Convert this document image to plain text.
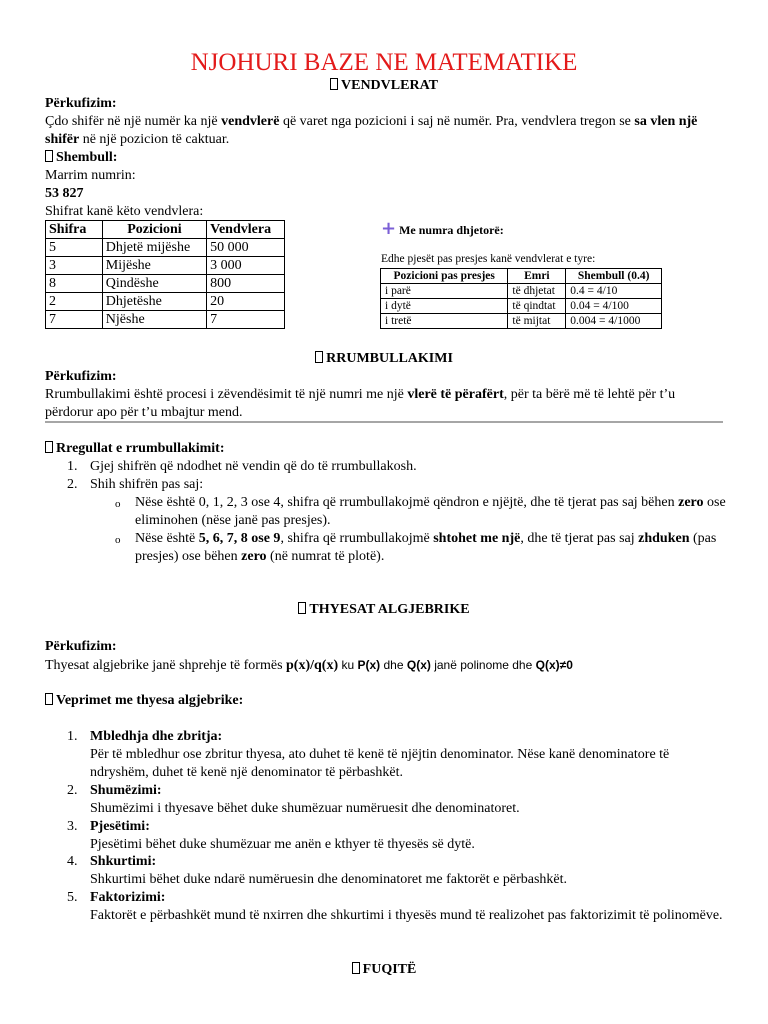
NJOHURI BAZE NE MATEMATIKE
VENDVLERAT
Përkufizim:
Çdo shifër në një numër ka një vendvlerë që varet nga pozicioni i saj në numër. Pra, vendvlera tregon se sa vlen një shifër në një pozicion të caktuar.
Shembull:
Marrim numrin:
53 827
Shifrat kanë këto vendvlera:
Shifra	Pozicioni	Vendvlera
5	Dhjetë mijëshe	50 000
3	Mijëshe	3 000
8	Qindëshe	800
2	Dhjetëshe	20
7	Njëshe	7
+ Me numra dhjetorë:
Edhe pjesët pas presjes kanë vendvlerat e tyre:
Pozicioni pas presjes	Emri	Shembull (0.4)
i parë	të dhjetat	0.4 = 4/10
i dytë	të qindtat	0.04 = 4/100
i tretë	të mijtat	0.004 = 4/1000
RRUMBULLAKIMI
Përkufizim:
Rrumbullakimi është procesi i zëvendësimit të një numri me një vlerë të përafërt, për ta bërë më të lehtë për t’u përdorur apo për t’u mbajtur mend.
Rregullat e rrumbullakimit:
1. Gjej shifrën që ndodhet në vendin që do të rrumbullakosh.
2. Shih shifrën pas saj:
o Nëse është 0, 1, 2, 3 ose 4, shifra që rrumbullakojmë qëndron e njëjtë, dhe të tjerat pas saj bëhen zero ose eliminohen (nëse janë pas presjes).
o Nëse është 5, 6, 7, 8 ose 9, shifra që rrumbullakojmë shtohet me një, dhe të tjerat pas saj zhduken (pas presjes) ose bëhen zero (në numrat të plotë).
THYESAT ALGJEBRIKE
Përkufizim:
Thyesat algjebrike janë shprehje të formës p(x)/q(x) ku P(x) dhe Q(x) janë polinome dhe Q(x)≠0
Veprimet me thyesa algjebrike:
1. Mbledhja dhe zbritja:
Për të mbledhur ose zbritur thyesa, ato duhet të kenë të njëjtin denominator. Nëse kanë denominatore të ndryshëm, duhet të kenë një denominator të përbashkët.
2. Shumëzimi:
Shumëzimi i thyesave bëhet duke shumëzuar numëruesit dhe denominatoret.
3. Pjesëtimi:
Pjesëtimi bëhet duke shumëzuar me anën e kthyer të thyesës së dytë.
4. Shkurtimi:
Shkurtimi bëhet duke ndarë numëruesin dhe denominatoret me faktorët e përbashkët.
5. Faktorizimi:
Faktorët e përbashkët mund të nxirren dhe shkurtimi i thyesës mund të realizohet pas faktorizimit të polinomëve.
FUQITË
